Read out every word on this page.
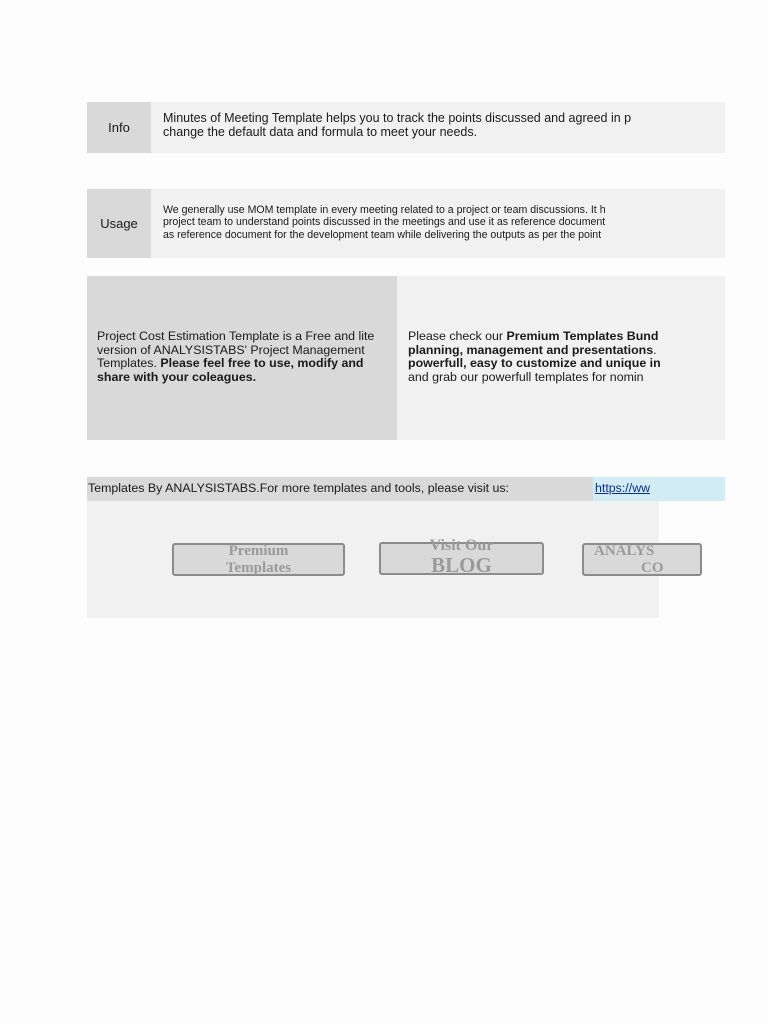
Info
Minutes of Meeting Template helps you to track the points discussed and agreed in p
change the default data and formula to meet your needs.
Usage
We generally use MOM template in every meeting related to a project or team discussions. It h
project team to understand points discussed in the meetings and use it as reference document
as reference document for the development team while delivering the outputs as per the point
Project Cost Estimation Template is a Free and lite version of ANALYSISTABS' Project Management Templates. Please feel free to use, modify and share with your coleagues.
Please check our Premium Templates Bund
planning, management and presentations.
powerfull, easy to customize and unique in
and grab our powerfull templates for nomin
Templates By ANALYSISTABS.For more templates and tools, please visit us:	https://ww
Premium
Templates
Visit Our
BLOG
ANALYS
CO
